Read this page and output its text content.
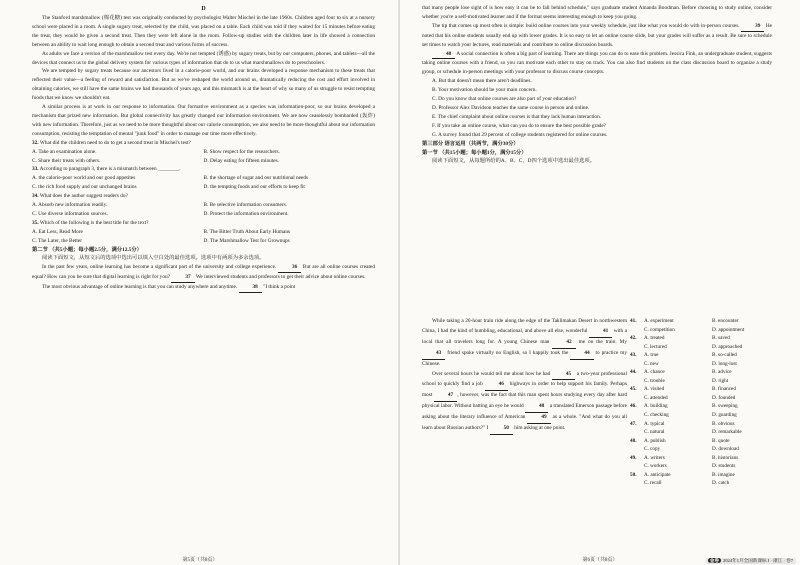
D

The Stanford marshmallow (棉花糖) test was originally conducted by psychologist Walter Mischel in the late 1960s. Children aged four to six at a nursery school were placed in a room. A single sugary treat, selected by the child, was placed on a table. Each child was told if they waited for 15 minutes before eating the treat, they would be given a second treat. Then they were left alone in the room. Follow-up studies with the children later in life showed a connection between an ability to wait long enough to obtain a second treat and various forms of success.

As adults we face a version of the marshmallow test every day. We're not tempted (诱惑) by sugary treats, but by our computers, phones, and tablets—all the devices that connect us to the global delivery system for various types of information that do to us what marshmallows do to preschoolers.

We are tempted by sugary treats because our ancestors lived in a calorie-poor world, and our brains developed a response mechanism to these treats that reflected their value—a feeling of reward and satisfaction. But as we've reshaped the world around us, dramatically reducing the cost and effort involved in obtaining calories, we still have the same brains we had thousands of years ago, and this mismatch is at the heart of why so many of us struggle to resist tempting foods that we know we shouldn't eat.

A similar process is at work in our response to information. Our formative environment as a species was information-poor, so our brains developed a mechanism that prized new information. But global connectivity has greatly changed our information environment. We are now ceaselessly bombarded (轰炸) with new information. Therefore, just as we need to be more thoughtful about our calorie consumption, we also need to be more thoughtful about our information consumption, resisting the temptation of mental "junk food" in order to manage our time more effectively.

32. What did the children need to do to get a second treat in Mischel's test?

A. Take an examination alone.	B. Show respect for the researchers.
C. Share their treats with others.	D. Delay eating for fifteen minutes.

33. According to paragraph 3, there is a mismatch between ________.

A. the calorie-poor world and our good appetites	B. the shortage of sugar and our nutritional needs
C. the rich food supply and our unchanged brains	D. the tempting foods and our efforts to keep fit

34. What does the author suggest readers do?

A. Absorb new information readily.	B. Be selective information consumers.
C. Use diverse information sources.	D. Protect the information environment.

35. Which of the following is the best title for the text?

A. Eat Less, Read More	B. The Bitter Truth About Early Humans
C. The Later, the Better	D. The Marshmallow Test for Grownups

第二节 （共5小题；每小题2.5分，满分12.5分）

阅读下面短文，从短文后的选项中选出可以填入空白处的最佳选项。选项中有两项为多余选项。

In the past few years, online learning has become a significant part of the university and college experience.	36 But are all online courses created equal? How can you be sure that digital learning is right for you?	37 We interviewed students and professors to get their advice about online courses.

The most obvious advantage of online learning is that you can study anywhere and anytime.	38 "I think a point

第5页（共8页）

that many people lose sight of is how easy it can be to fall behind schedule," says graduate student Amanda Boodman. Before choosing to study online, consider whether you're a self-motivated learner and if the format seems interesting enough to keep you going.

The tip that comes up most often is simple: build online courses into your weekly schedule, just like what you would do with in-person courses.	39 He noted that his online students usually end up with lower grades. It is so easy to let an online course slide, but your grades will suffer as a result. Be sure to schedule set times to watch your lectures, read materials and contribute to online discussion boards.

40 A social connection is often a big part of learning. There are things you can do to ease this problem. Jessica Fink, an undergraduate student, suggests taking online courses with a friend, so you can motivate each other to stay on track. You can also find students on the class discussion board to organize a study group, or schedule in-person meetings with your professor to discuss course concepts.

A. But that doesn't mean there aren't deadlines.

B. Your motivation should be your main concern.

C. Do you know that online courses are also part of your education?

D. Professor Alex Davidson teaches the same course in person and online.

E. The chief complaint about online courses is that they lack human interaction.

F. If you take an online course, what can you do to ensure the best possible grade?

G. A survey found that 29 percent of college students registered for online courses.

第三部分 语言运用（共两节，满分30分）

第一节 （共15小题；每小题1分，满分15分）

阅读下面短文，从每题所给的A、B、C、D四个选项中选出最佳选项。

While taking a 20-hour train ride along the edge of the Taklimakan Desert in northwestern China, I had the kind of humbling, educational, and above all else, wonderful	41 with a local that all travelers long for. A young Chinese man	42 me on the train. My 43 friend spoke virtually no English, so I happily took the	44 to practice my Chinese.

Over several hours he would tell me about how he had	45 a two-year professional school to quickly find a job	46 highways in order to help support his family. Perhaps most	47 , however, was the fact that this man spent hours studying every day after hard physical labor. Without batting an eye he would	48 a translated Emerson passage before asking about the literary influence of American	49 as a whole. "And what do you all learn about Russian authors?" I	50 him asking at one point.

41.	A. experiment	B. encounter
C. competition	D. appointment
42.	A. treated	B. saved
C. lectured	D. approached
43.	A. true	B. so-called
C. new	D. long-lost
44.	A. chance	B. advice
C. trouble	D. right
45.	A. visited	B. financed
C. attended	D. founded
46.	A. building	B. sweeping
C. checking	D. guarding
47.	A. typical	B. obvious
C. natural	D. remarkable
48.	A. publish	B. quote
C. copy	D. download
49.	A. writers	B. historians
C. workers	D. students
50.	A. anticipate	B. imagine
C. recall	D. catch
第6页（共8页）	金卷 2024年1月全国新课标 I · 浙江 · 卷7
